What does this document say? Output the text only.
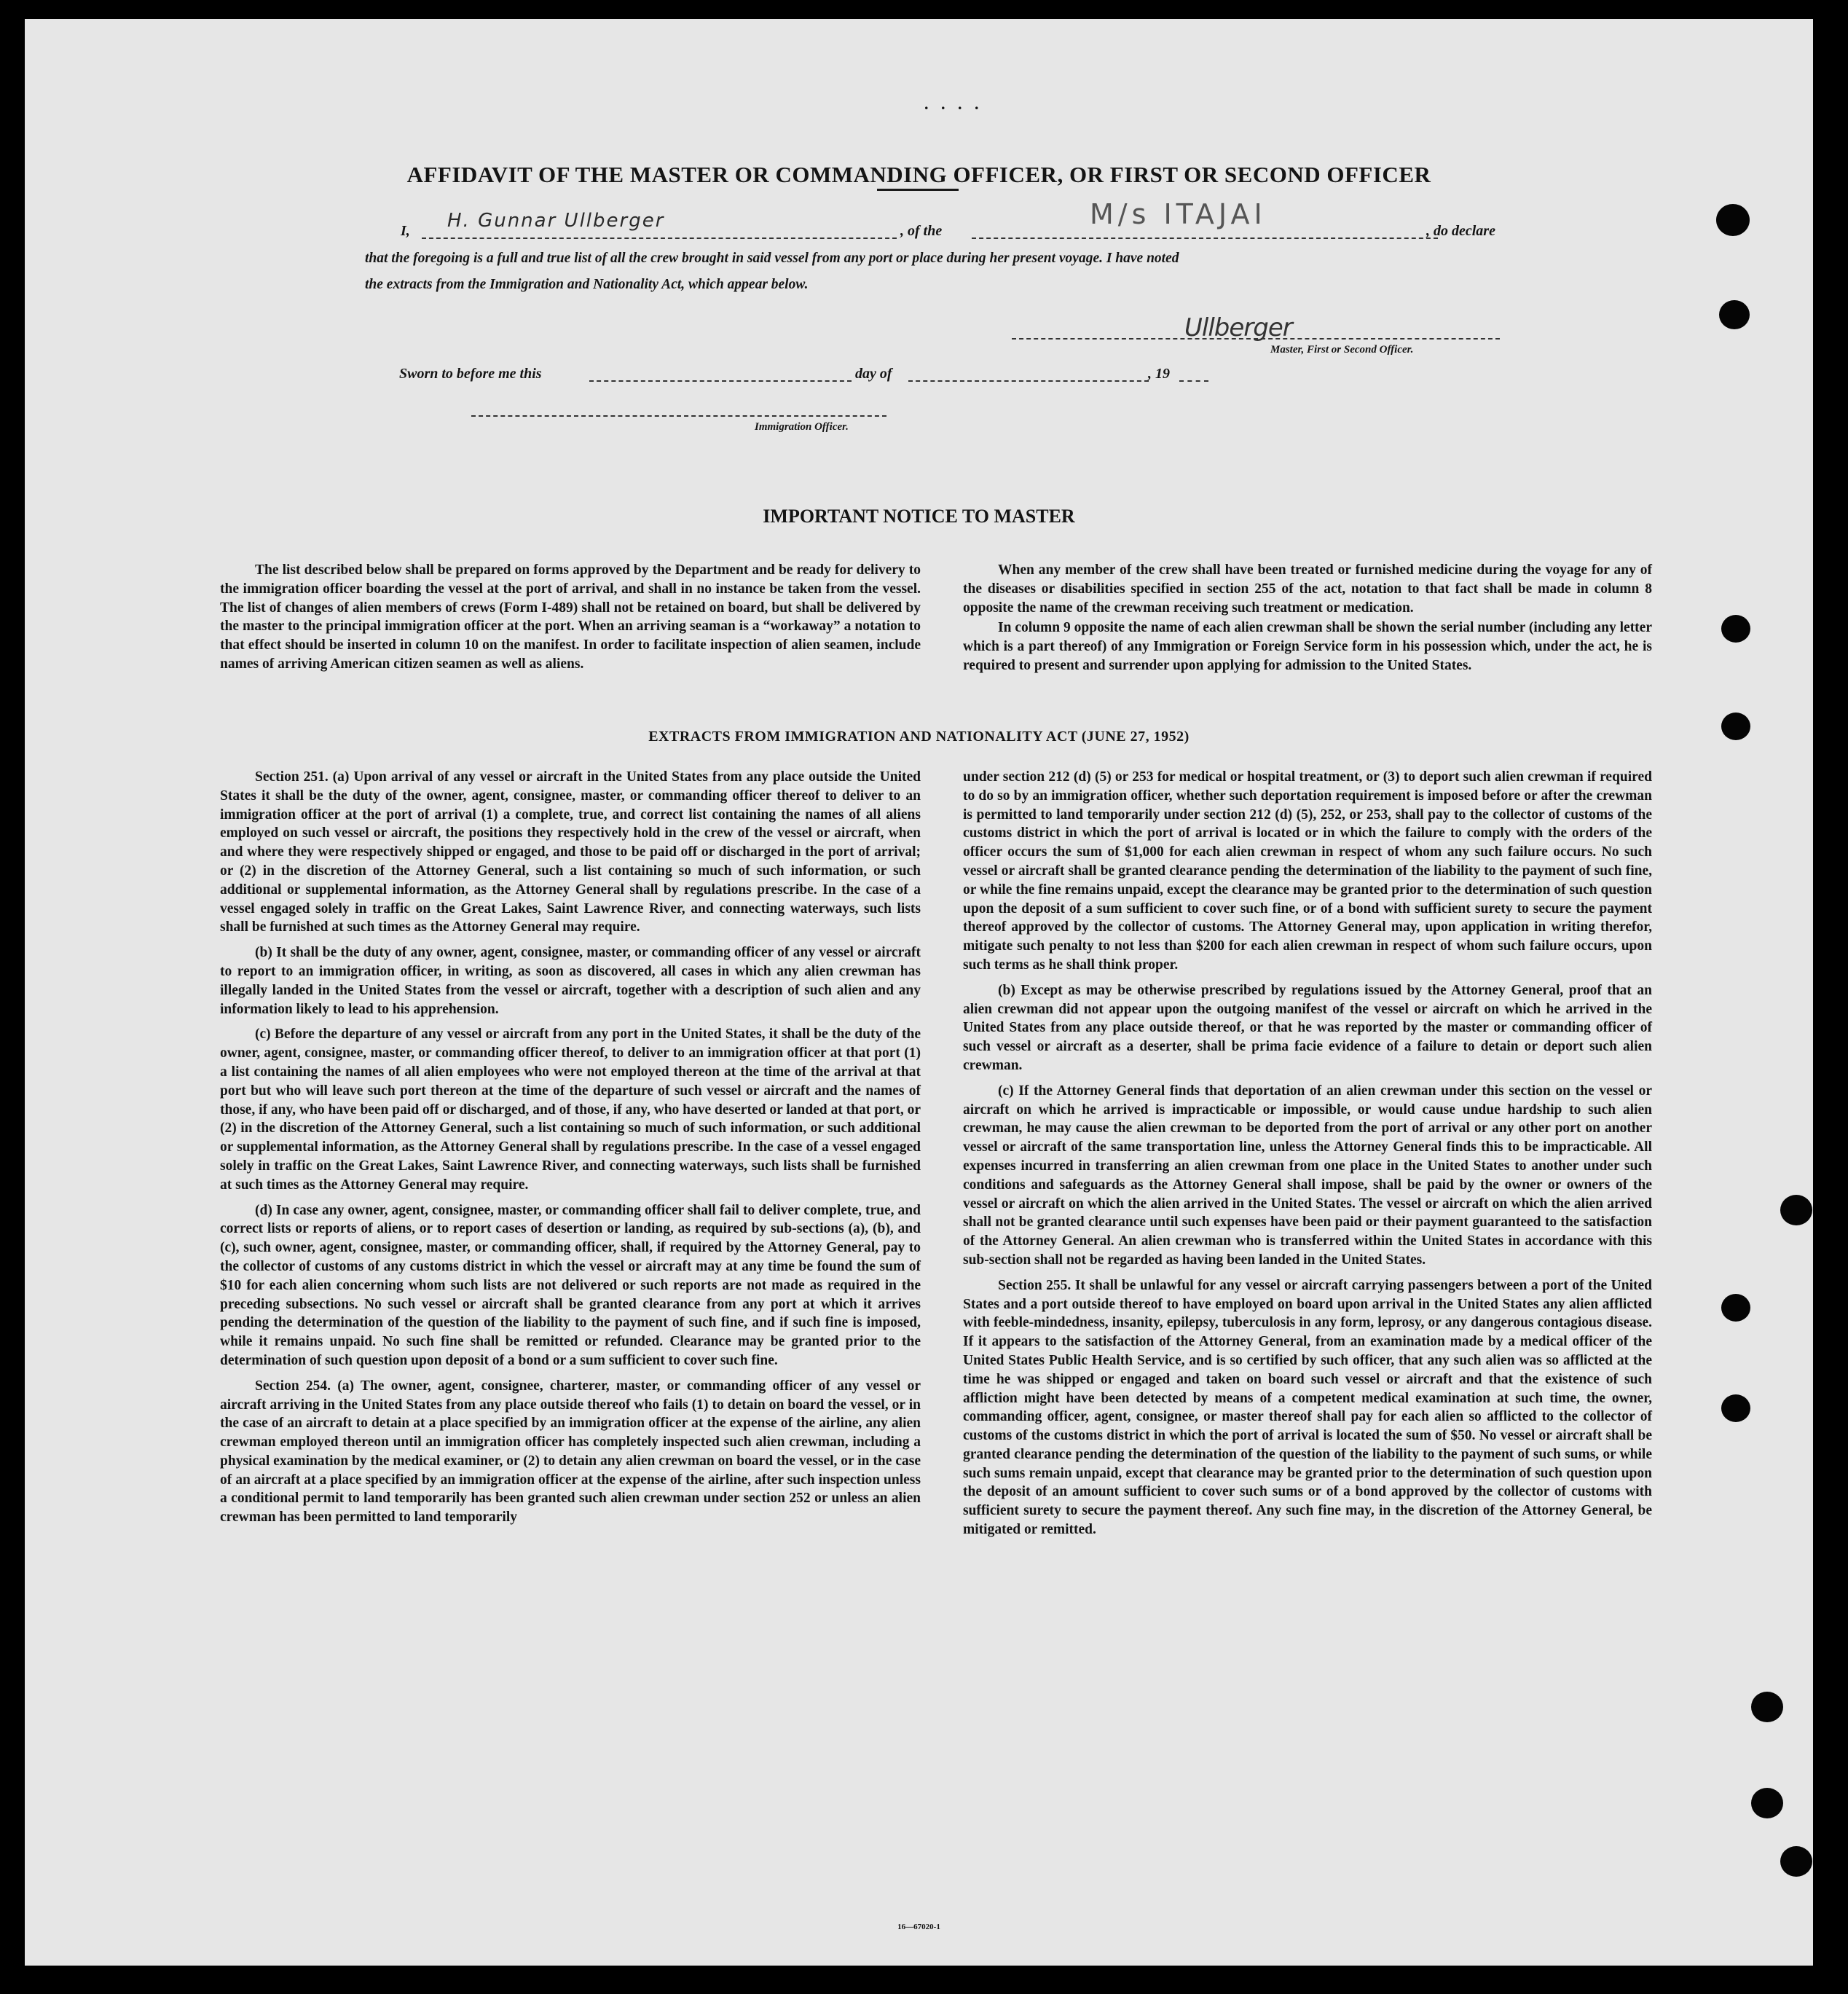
. . . .
AFFIDAVIT OF THE MASTER OR COMMANDING OFFICER, OR FIRST OR SECOND OFFICER
I, H. Gunnar Ullberger	, of the
M/s ITAJAI
, do declare
that the foregoing is a full and true list of all the crew brought in said vessel from any port or place during her present voyage. I have noted
the extracts from the Immigration and Nationality Act, which appear below.
Ullberger
Master, First or Second Officer.
Sworn to before me this	day of	, 19
Immigration Officer.
IMPORTANT NOTICE TO MASTER

The list described below shall be prepared on forms approved by the Department and be ready for delivery to the immigration officer boarding the vessel at the port of arrival, and shall in no instance be taken from the vessel. The list of changes of alien members of crews (Form I-489) shall not be retained on board, but shall be delivered by the master to the principal immigration officer at the port. When an arriving seaman is a “workaway” a notation to that effect should be inserted in column 10 on the manifest. In order to facilitate inspection of alien seamen, include names of arriving American citizen seamen as well as aliens.

When any member of the crew shall have been treated or furnished medicine during the voyage for any of the diseases or disabilities specified in section 255 of the act, notation to that fact shall be made in column 8 opposite the name of the crewman receiving such treatment or medication.

In column 9 opposite the name of each alien crewman shall be shown the serial number (including any letter which is a part thereof) of any Immigration or Foreign Service form in his possession which, under the act, he is required to present and surrender upon applying for admission to the United States.

EXTRACTS FROM IMMIGRATION AND NATIONALITY ACT (JUNE 27, 1952)

Section 251. (a) Upon arrival of any vessel or aircraft in the United States from any place outside the United States it shall be the duty of the owner, agent, consignee, master, or commanding officer thereof to deliver to an immigration officer at the port of arrival (1) a complete, true, and correct list containing the names of all aliens employed on such vessel or aircraft, the positions they respectively hold in the crew of the vessel or aircraft, when and where they were respectively shipped or engaged, and those to be paid off or discharged in the port of arrival; or (2) in the discretion of the Attorney General, such a list containing so much of such information, or such additional or supplemental information, as the Attorney General shall by regulations prescribe. In the case of a vessel engaged solely in traffic on the Great Lakes, Saint Lawrence River, and connecting waterways, such lists shall be furnished at such times as the Attorney General may require.

(b) It shall be the duty of any owner, agent, consignee, master, or commanding officer of any vessel or aircraft to report to an immigration officer, in writing, as soon as discovered, all cases in which any alien crewman has illegally landed in the United States from the vessel or aircraft, together with a description of such alien and any information likely to lead to his apprehension.

(c) Before the departure of any vessel or aircraft from any port in the United States, it shall be the duty of the owner, agent, consignee, master, or commanding officer thereof, to deliver to an immigration officer at that port (1) a list containing the names of all alien employees who were not employed thereon at the time of the arrival at that port but who will leave such port thereon at the time of the departure of such vessel or aircraft and the names of those, if any, who have been paid off or discharged, and of those, if any, who have deserted or landed at that port, or (2) in the discretion of the Attorney General, such a list containing so much of such information, or such additional or supplemental information, as the Attorney General shall by regulations prescribe. In the case of a vessel engaged solely in traffic on the Great Lakes, Saint Lawrence River, and connecting waterways, such lists shall be furnished at such times as the Attorney General may require.

(d) In case any owner, agent, consignee, master, or commanding officer shall fail to deliver complete, true, and correct lists or reports of aliens, or to report cases of desertion or landing, as required by sub-sections (a), (b), and (c), such owner, agent, consignee, master, or commanding officer, shall, if required by the Attorney General, pay to the collector of customs of any customs district in which the vessel or aircraft may at any time be found the sum of $10 for each alien concerning whom such lists are not delivered or such reports are not made as required in the preceding subsections. No such vessel or aircraft shall be granted clearance from any port at which it arrives pending the determination of the question of the liability to the payment of such fine, and if such fine is imposed, while it remains unpaid. No such fine shall be remitted or refunded. Clearance may be granted prior to the determination of such question upon deposit of a bond or a sum sufficient to cover such fine.

Section 254. (a) The owner, agent, consignee, charterer, master, or commanding officer of any vessel or aircraft arriving in the United States from any place outside thereof who fails (1) to detain on board the vessel, or in the case of an aircraft to detain at a place specified by an immigration officer at the expense of the airline, any alien crewman employed thereon until an immigration officer has completely inspected such alien crewman, including a physical examination by the medical examiner, or (2) to detain any alien crewman on board the vessel, or in the case of an aircraft at a place specified by an immigration officer at the expense of the airline, after such inspection unless a conditional permit to land temporarily has been granted such alien crewman under section 252 or unless an alien crewman has been permitted to land temporarily

under section 212 (d) (5) or 253 for medical or hospital treatment, or (3) to deport such alien crewman if required to do so by an immigration officer, whether such deportation requirement is imposed before or after the crewman is permitted to land temporarily under section 212 (d) (5), 252, or 253, shall pay to the collector of customs of the customs district in which the port of arrival is located or in which the failure to comply with the orders of the officer occurs the sum of $1,000 for each alien crewman in respect of whom any such failure occurs. No such vessel or aircraft shall be granted clearance pending the determination of the liability to the payment of such fine, or while the fine remains unpaid, except the clearance may be granted prior to the determination of such question upon the deposit of a sum sufficient to cover such fine, or of a bond with sufficient surety to secure the payment thereof approved by the collector of customs. The Attorney General may, upon application in writing therefor, mitigate such penalty to not less than $200 for each alien crewman in respect of whom such failure occurs, upon such terms as he shall think proper.

(b) Except as may be otherwise prescribed by regulations issued by the Attorney General, proof that an alien crewman did not appear upon the outgoing manifest of the vessel or aircraft on which he arrived in the United States from any place outside thereof, or that he was reported by the master or commanding officer of such vessel or aircraft as a deserter, shall be prima facie evidence of a failure to detain or deport such alien crewman.

(c) If the Attorney General finds that deportation of an alien crewman under this section on the vessel or aircraft on which he arrived is impracticable or impossible, or would cause undue hardship to such alien crewman, he may cause the alien crewman to be deported from the port of arrival or any other port on another vessel or aircraft of the same transportation line, unless the Attorney General finds this to be impracticable. All expenses incurred in transferring an alien crewman from one place in the United States to another under such conditions and safeguards as the Attorney General shall impose, shall be paid by the owner or owners of the vessel or aircraft on which the alien arrived in the United States. The vessel or aircraft on which the alien arrived shall not be granted clearance until such expenses have been paid or their payment guaranteed to the satisfaction of the Attorney General. An alien crewman who is transferred within the United States in accordance with this sub-section shall not be regarded as having been landed in the United States.

Section 255. It shall be unlawful for any vessel or aircraft carrying passengers between a port of the United States and a port outside thereof to have employed on board upon arrival in the United States any alien afflicted with feeble-mindedness, insanity, epilepsy, tuberculosis in any form, leprosy, or any dangerous contagious disease. If it appears to the satisfaction of the Attorney General, from an examination made by a medical officer of the United States Public Health Service, and is so certified by such officer, that any such alien was so afflicted at the time he was shipped or engaged and taken on board such vessel or aircraft and that the existence of such affliction might have been detected by means of a competent medical examination at such time, the owner, commanding officer, agent, consignee, or master thereof shall pay for each alien so afflicted to the collector of customs of the customs district in which the port of arrival is located the sum of $50. No vessel or aircraft shall be granted clearance pending the determination of the question of the liability to the payment of such sums, or while such sums remain unpaid, except that clearance may be granted prior to the determination of such question upon the deposit of an amount sufficient to cover such sums or of a bond approved by the collector of customs with sufficient surety to secure the payment thereof. Any such fine may, in the discretion of the Attorney General, be mitigated or remitted.

16—67020-1
